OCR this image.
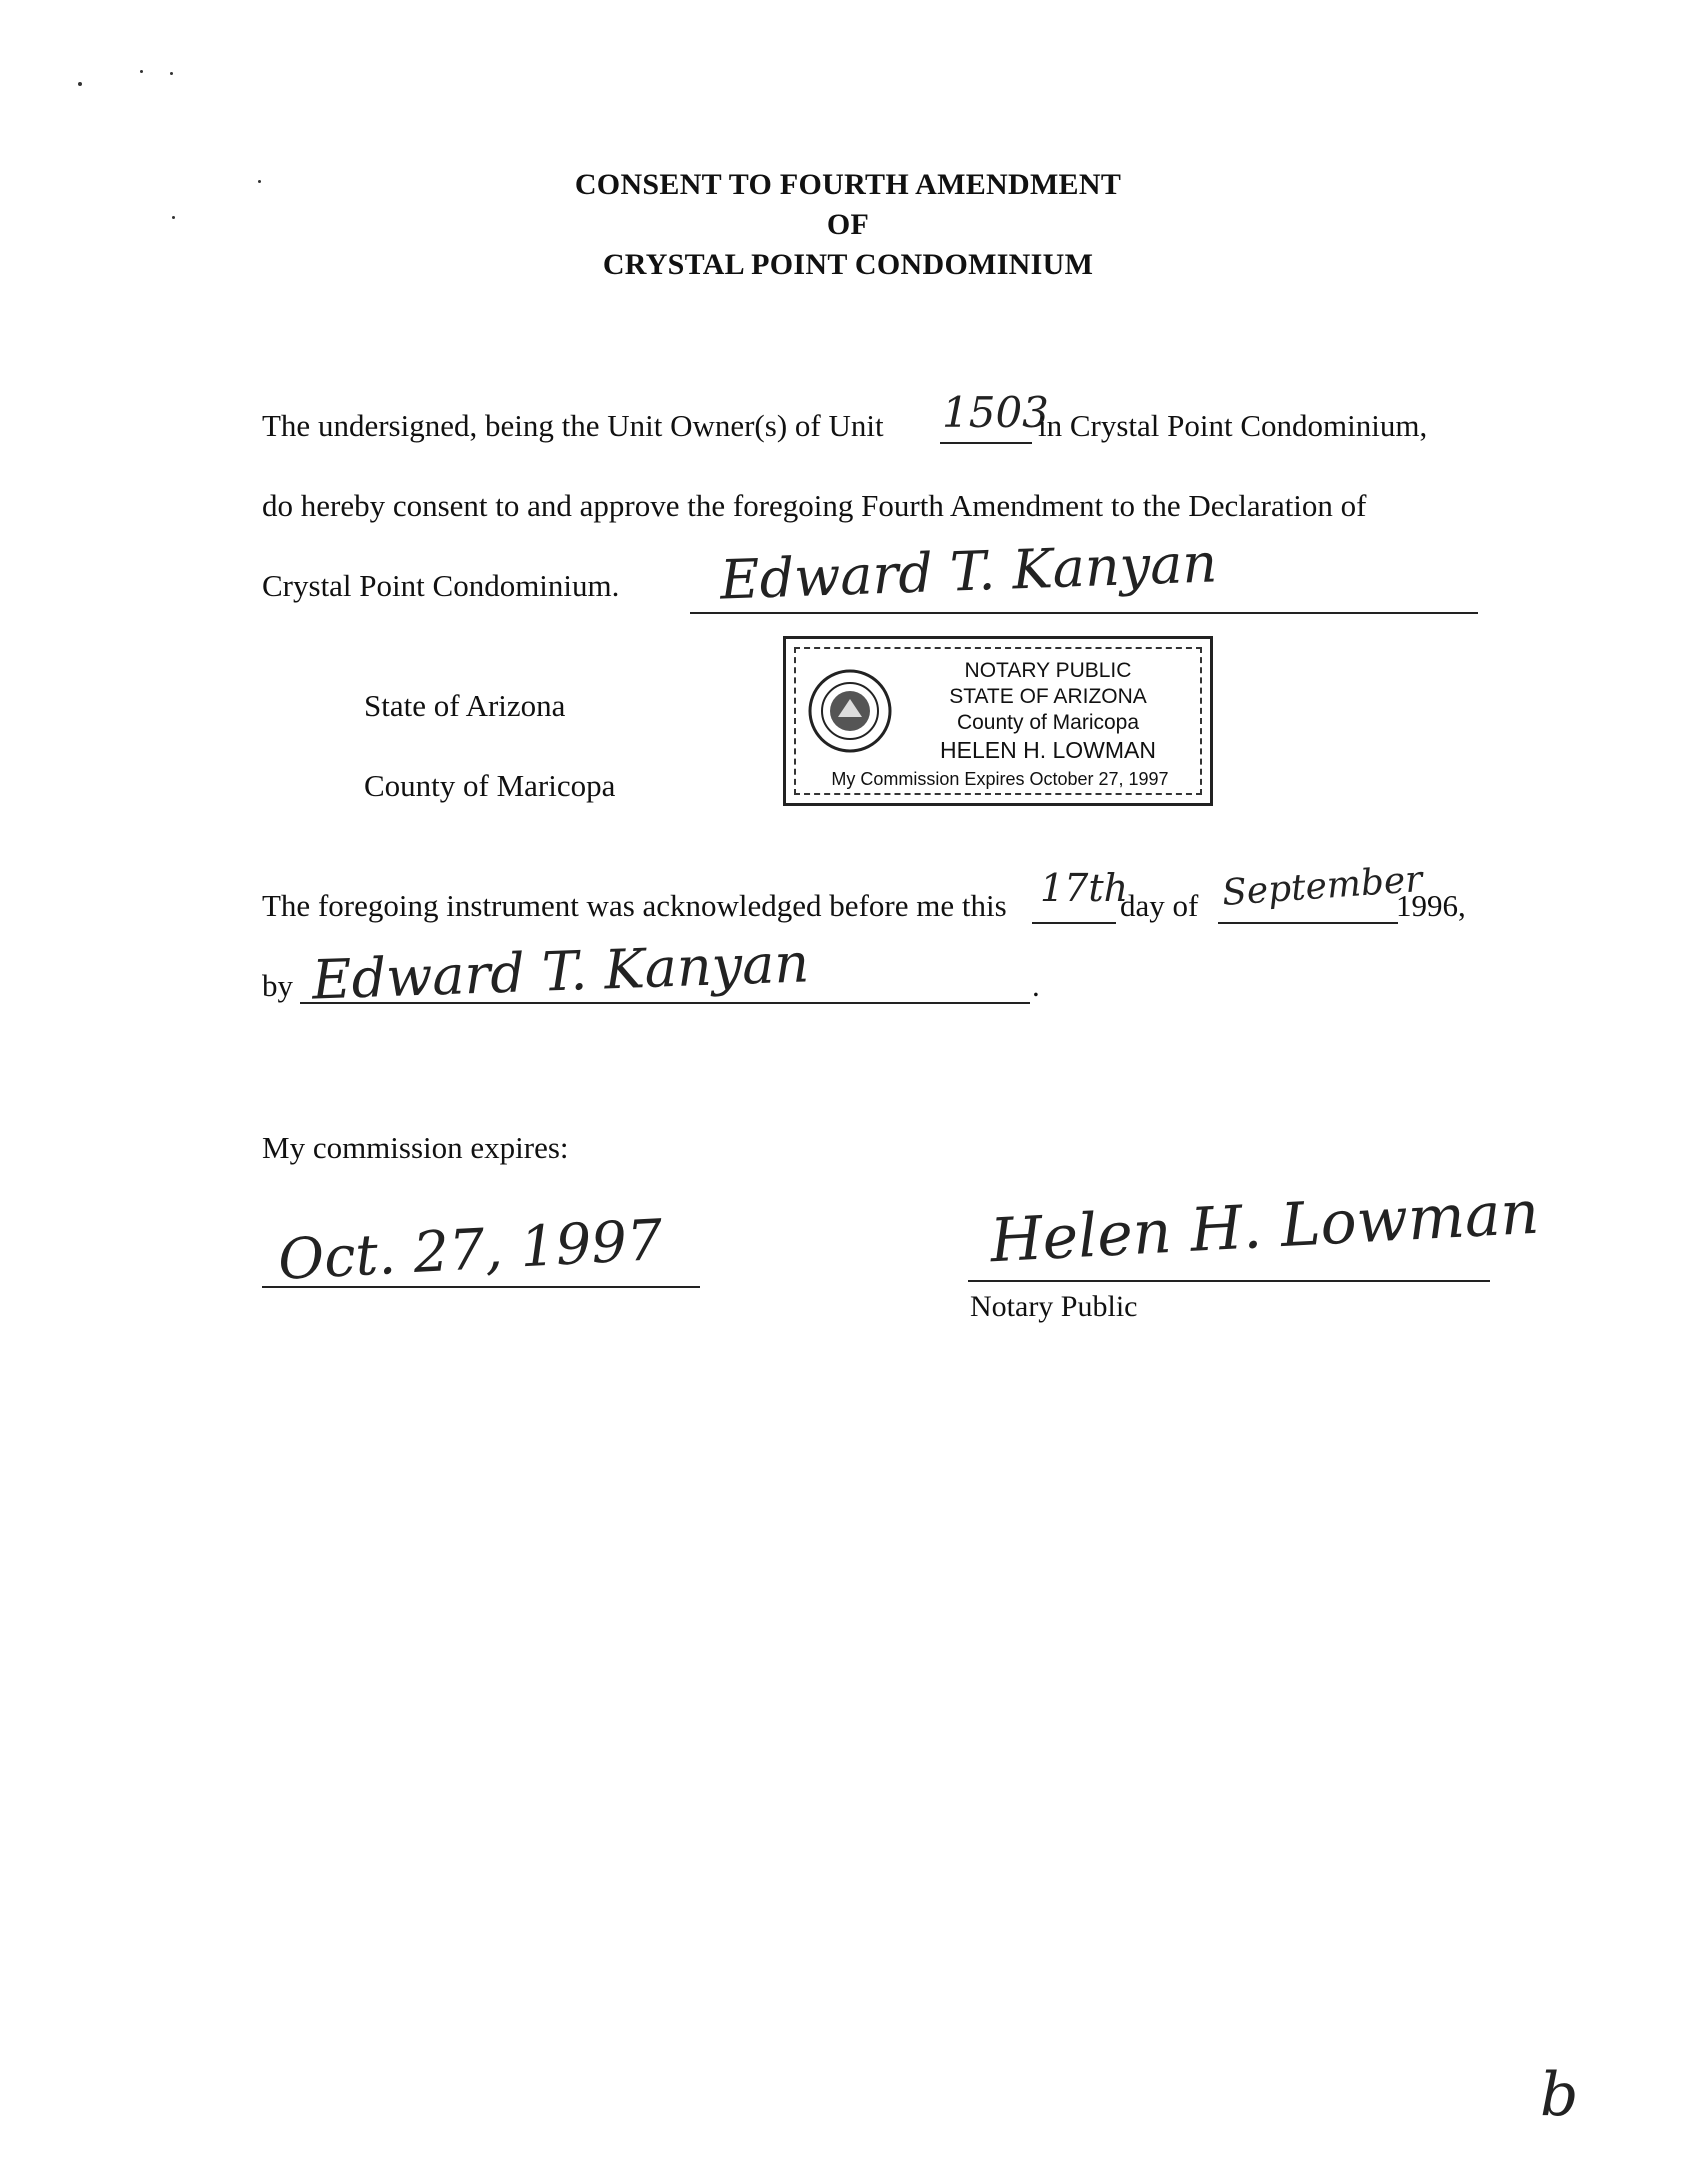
CONSENT TO FOURTH AMENDMENT
OF
CRYSTAL POINT CONDOMINIUM
The undersigned, being the Unit Owner(s) of Unit 1503
in Crystal Point Condominium,
do hereby consent to and approve the foregoing Fourth Amendment to the Declaration of
Crystal Point Condominium. Edward T. Kanyan
NOTARY PUBLIC
STATE OF ARIZONA
County of Maricopa
HELEN H. LOWMAN
My Commission Expires October 27, 1997
State of Arizona
County of Maricopa
The foregoing instrument was acknowledged before me this 17th
day of September
1996,
by Edward T. Kanyan	.
My commission expires:
Oct. 27, 1997	Helen H. Lowman
Notary Public
b
